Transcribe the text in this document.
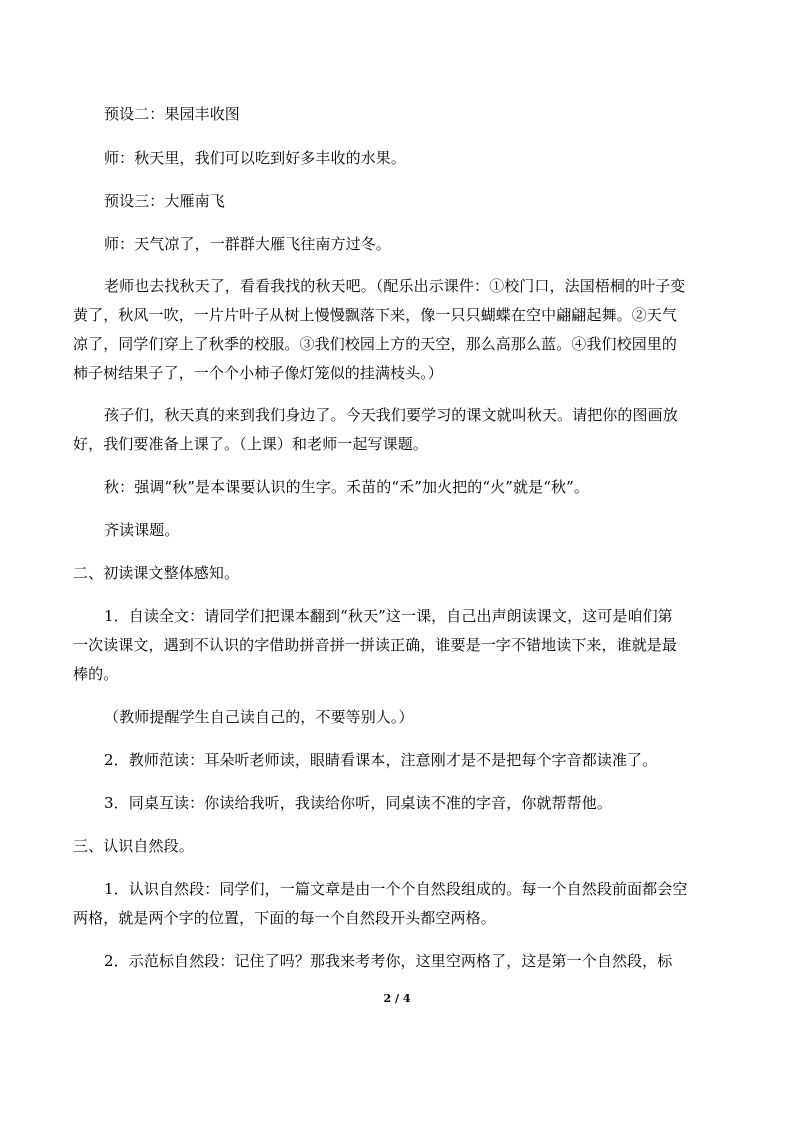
预设二：果园丰收图
师：秋天里，我们可以吃到好多丰收的水果。
预设三：大雁南飞
师：天气凉了，一群群大雁飞往南方过冬。
老师也去找秋天了，看看我找的秋天吧。（配乐出示课件：①校门口，法国梧桐的叶子变
黄了，秋风一吹，一片片叶子从树上慢慢飘落下来，像一只只蝴蝶在空中翩翩起舞。②天气
凉了，同学们穿上了秋季的校服。③我们校园上方的天空，那么高那么蓝。④我们校园里的
柿子树结果子了，一个个小柿子像灯笼似的挂满枝头。）
孩子们，秋天真的来到我们身边了。今天我们要学习的课文就叫秋天。请把你的图画放
好，我们要准备上课了。（上课）和老师一起写课题。
秋：强调“秋”是本课要认识的生字。禾苗的“禾”加火把的“火”就是“秋”。
齐读课题。
二、初读课文整体感知。
1．自读全文：请同学们把课本翻到“秋天”这一课，自己出声朗读课文，这可是咱们第
一次读课文，遇到不认识的字借助拼音拼一拼读正确，谁要是一字不错地读下来，谁就是最
棒的。
（教师提醒学生自己读自己的，不要等别人。）
2．教师范读：耳朵听老师读，眼睛看课本，注意刚才是不是把每个字音都读准了。
3．同桌互读：你读给我听，我读给你听，同桌读不准的字音，你就帮帮他。
三、认识自然段。
1．认识自然段：同学们，一篇文章是由一个个自然段组成的。每一个自然段前面都会空
两格，就是两个字的位置，下面的每一个自然段开头都空两格。
2．示范标自然段：记住了吗？那我来考考你，这里空两格了，这是第一个自然段，标
2 / 4
